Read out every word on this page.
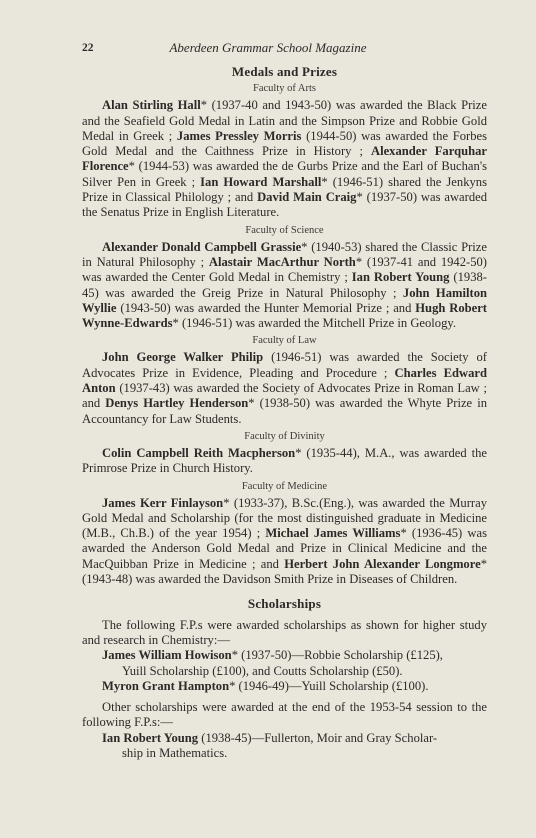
22	Aberdeen Grammar School Magazine
Medals and Prizes
Faculty of Arts

Alan Stirling Hall* (1937-40 and 1943-50) was awarded the Black Prize and the Seafield Gold Medal in Latin and the Simpson Prize and Robbie Gold Medal in Greek ; James Pressley Morris (1944-50) was awarded the Forbes Gold Medal and the Caithness Prize in History ; Alexander Farquhar Florence* (1944-53) was awarded the de Gurbs Prize and the Earl of Buchan's Silver Pen in Greek ; Ian Howard Marshall* (1946-51) shared the Jenkyns Prize in Classical Philology ; and David Main Craig* (1937-50) was awarded the Senatus Prize in English Literature.

Faculty of Science

Alexander Donald Campbell Grassie* (1940-53) shared the Classic Prize in Natural Philosophy ; Alastair MacArthur North* (1937-41 and 1942-50) was awarded the Center Gold Medal in Chemistry ; Ian Robert Young (1938-45) was awarded the Greig Prize in Natural Philosophy ; John Hamilton Wyllie (1943-50) was awarded the Hunter Memorial Prize ; and Hugh Robert Wynne-Edwards* (1946-51) was awarded the Mitchell Prize in Geology.

Faculty of Law

John George Walker Philip (1946-51) was awarded the Society of Advocates Prize in Evidence, Pleading and Procedure ; Charles Edward Anton (1937-43) was awarded the Society of Advocates Prize in Roman Law ; and Denys Hartley Henderson* (1938-50) was awarded the Whyte Prize in Accountancy for Law Students.

Faculty of Divinity

Colin Campbell Reith Macpherson* (1935-44), M.A., was awarded the Primrose Prize in Church History.

Faculty of Medicine

James Kerr Finlayson* (1933-37), B.Sc.(Eng.), was awarded the Murray Gold Medal and Scholarship (for the most distinguished graduate in Medicine (M.B., Ch.B.) of the year 1954) ; Michael James Williams* (1936-45) was awarded the Anderson Gold Medal and Prize in Clinical Medicine and the MacQuibban Prize in Medicine ; and Herbert John Alexander Longmore* (1943-48) was awarded the Davidson Smith Prize in Diseases of Children.

Scholarships

The following F.P.s were awarded scholarships as shown for higher study and research in Chemistry:—

James William Howison* (1937-50)—Robbie Scholarship (£125),
Yuill Scholarship (£100), and Coutts Scholarship (£50).

Myron Grant Hampton* (1946-49)—Yuill Scholarship (£100).

Other scholarships were awarded at the end of the 1953-54 session to the following F.P.s:—

Ian Robert Young (1938-45)—Fullerton, Moir and Gray Scholar-
ship in Mathematics.
